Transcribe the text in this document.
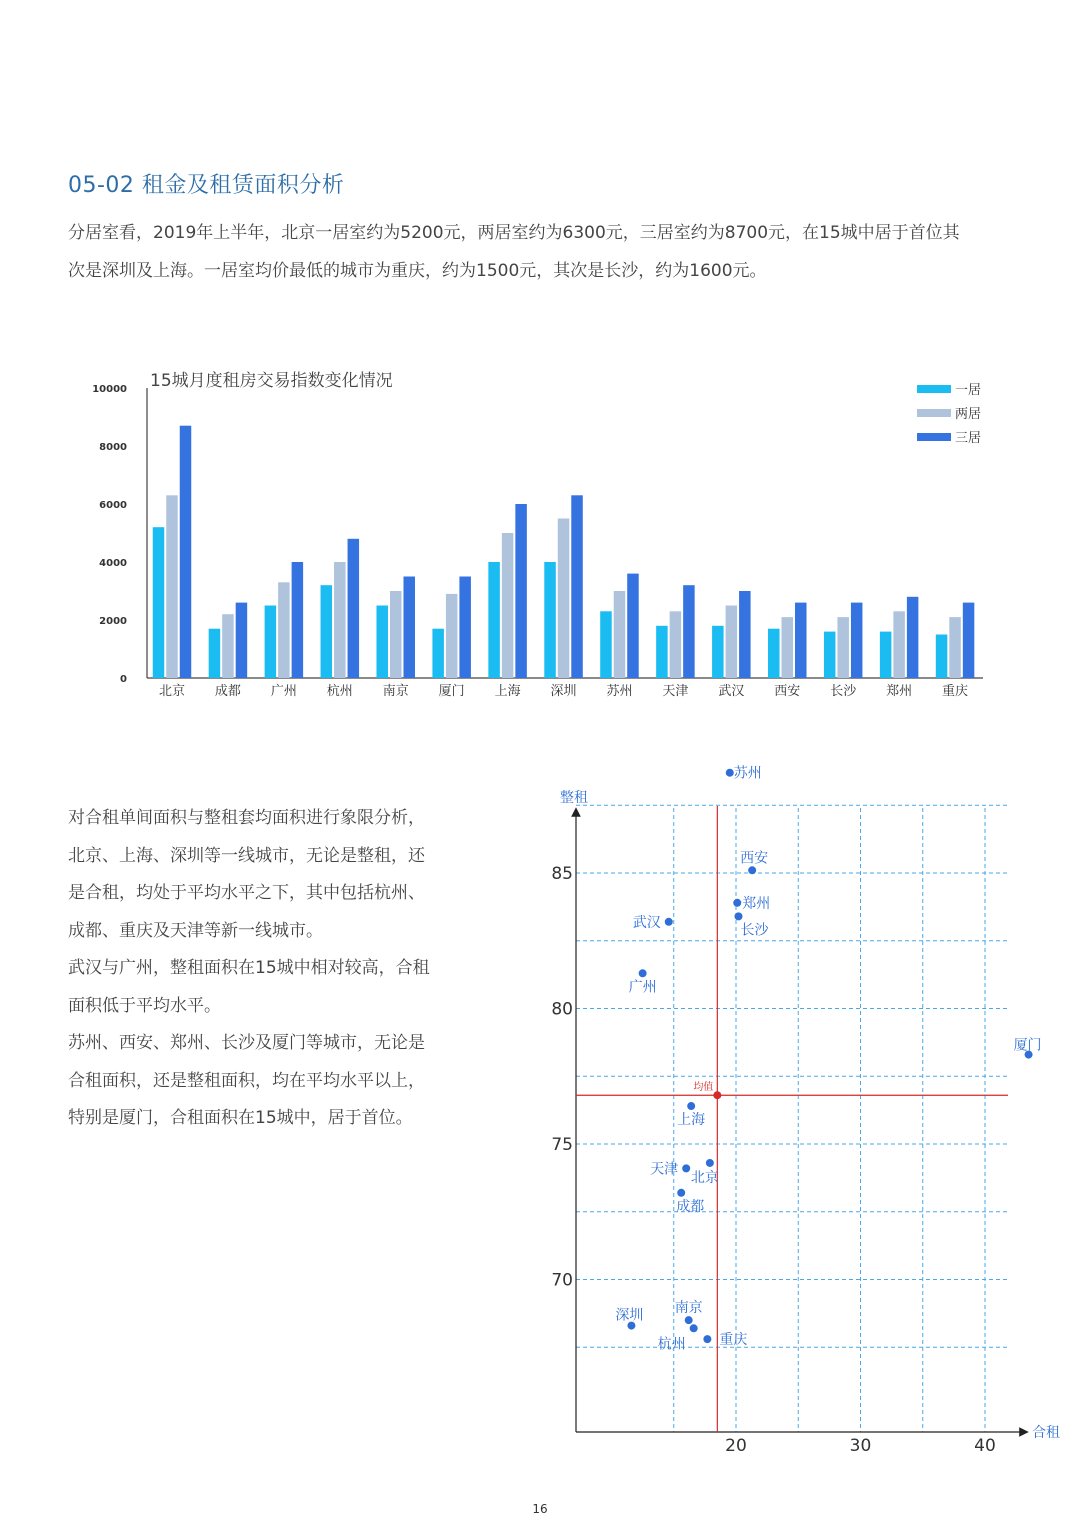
05-02 租金及租赁面积分析

分居室看，2019年上半年，北京一居室约为5200元，两居室约为6300元，三居室约为8700元，在15城中居于首位其

次是深圳及上海。一居室均价最低的城市为重庆，约为1500元，其次是长沙，约为1600元。

0
2000
4000
6000
8000
10000 15城月度租房交易指数变化情况
北京 成都 广州 杭州 南京 厦门 上海 深圳 苏州 天津 武汉 西安 长沙 郑州 重庆
一居
两居
三居

对合租单间面积与整租套均面积进行象限分析，

北京、上海、深圳等一线城市，无论是整租，还

是合租，均处于平均水平之下，其中包括杭州、

成都、重庆及天津等新一线城市。

武汉与广州，整租面积在15城中相对较高，合租

面积低于平均水平。

苏州、西安、郑州、长沙及厦门等城市，无论是

合租面积，还是整租面积，均在平均水平以上，

特别是厦门，合租面积在15城中，居于首位。

整租
合租
20	30	40
70
75
80
85
均值
苏州
西安
郑州
长沙
武汉
广州
厦门
上海
北京
天津
成都
深圳 南京
杭州 重庆
16
